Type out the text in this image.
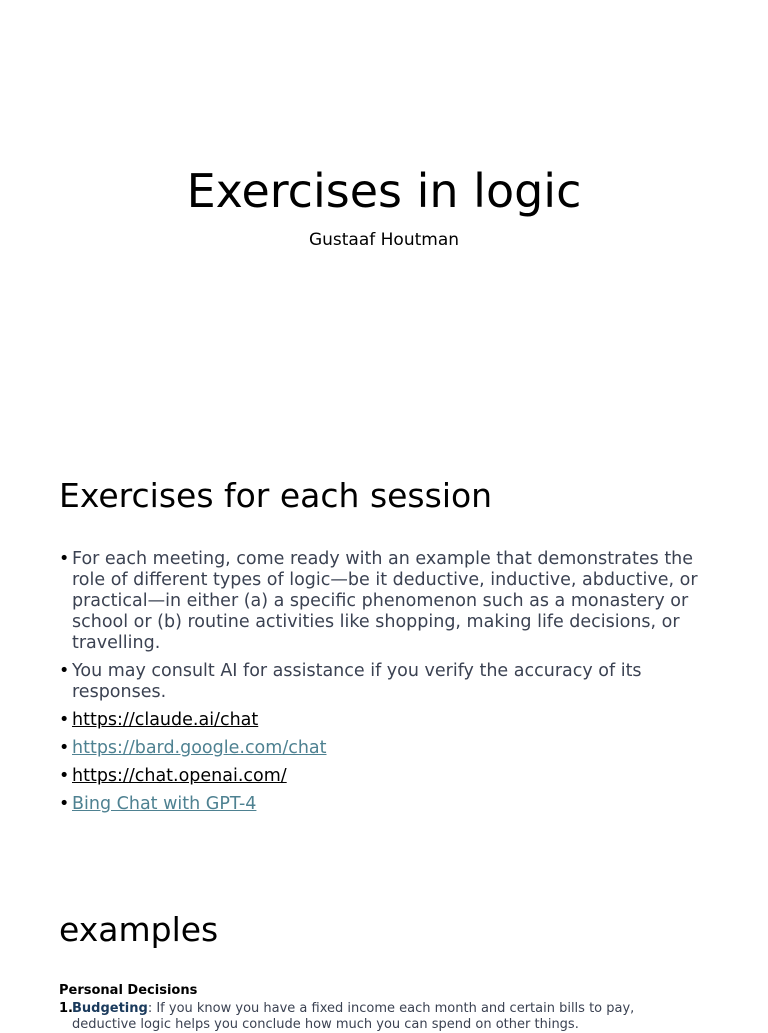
Exercises in logic

Gustaaf Houtman

Exercises for each session
• For each meeting, come ready with an example that demonstrates the role of different types of logic—be it deductive, inductive, abductive, or practical—in either (a) a specific phenomenon such as a monastery or school or (b) routine activities like shopping, making life decisions, or travelling.
• You may consult AI for assistance if you verify the accuracy of its responses.
• https://claude.ai/chat
• https://bard.google.com/chat
• https://chat.openai.com/
• Bing Chat with GPT-4
examples

Personal Decisions

1. Budgeting: If you know you have a fixed income each month and certain bills to pay, deductive logic helps you conclude how much you can spend on other things.
